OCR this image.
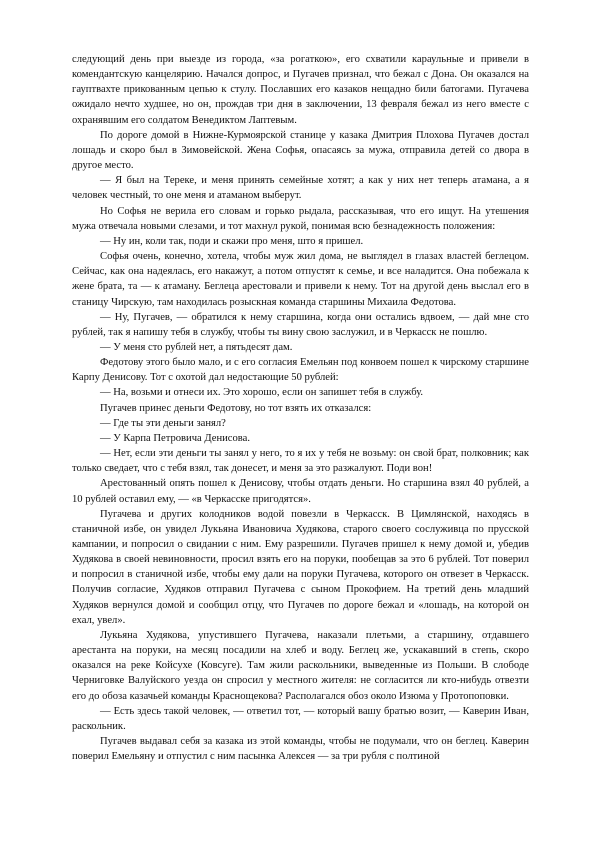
следующий день при выезде из города, «за рогаткою», его схватили караульные и привели в комендантскую канцелярию. Начался допрос, и Пугачев признал, что бежал с Дона. Он оказался на гауптвахте прикованным цепью к стулу. Пославших его казаков нещадно били батогами. Пугачева ожидало нечто худшее, но он, прождав три дня в заключении, 13 февраля бежал из него вместе с охранявшим его солдатом Венедиктом Лаптевым.

По дороге домой в Нижне-Курмоярской станице у казака Дмитрия Плохова Пугачев достал лошадь и скоро был в Зимовейской. Жена Софья, опасаясь за мужа, отправила детей со двора в другое место.

— Я был на Тереке, и меня принять семейные хотят; а как у них нет теперь атамана, а я человек честный, то оне меня и атаманом выберут.

Но Софья не верила его словам и горько рыдала, рассказывая, что его ищут. На утешения мужа отвечала новыми слезами, и тот махнул рукой, понимая всю безнадежность положения:

— Ну ин, коли так, поди и скажи про меня, што я пришел.

Софья очень, конечно, хотела, чтобы муж жил дома, не выглядел в глазах властей беглецом. Сейчас, как она надеялась, его накажут, а потом отпустят к семье, и все наладится. Она побежала к жене брата, та — к атаману. Беглеца арестовали и привели к нему. Тот на другой день выслал его в станицу Чирскую, там находилась розыскная команда старшины Михаила Федотова.

— Ну, Пугачев, — обратился к нему старшина, когда они остались вдвоем, — дай мне сто рублей, так я напишу тебя в службу, чтобы ты вину свою заслужил, и в Черкасск не пошлю.

— У меня сто рублей нет, а пятьдесят дам.

Федотову этого было мало, и с его согласия Емельян под конвоем пошел к чирскому старшине Карпу Денисову. Тот с охотой дал недостающие 50 рублей:

— На, возьми и отнеси их. Это хорошо, если он запишет тебя в службу.

Пугачев принес деньги Федотову, но тот взять их отказался:

— Где ты эти деньги занял?

— У Карпа Петровича Денисова.

— Нет, если эти деньги ты занял у него, то я их у тебя не возьму: он свой брат, полковник; как только сведает, что с тебя взял, так донесет, и меня за это разжалуют. Поди вон!

Арестованный опять пошел к Денисову, чтобы отдать деньги. Но старшина взял 40 рублей, а 10 рублей оставил ему, — «в Черкасске пригодятся».

Пугачева и других колодников водой повезли в Черкасск. В Цимлянской, находясь в станичной избе, он увидел Лукьяна Ивановича Худякова, старого своего сослуживца по прусской кампании, и попросил о свидании с ним. Ему разрешили. Пугачев пришел к нему домой и, убедив Худякова в своей невиновности, просил взять его на поруки, пообещав за это 6 рублей. Тот поверил и попросил в станичной избе, чтобы ему дали на поруки Пугачева, которого он отвезет в Черкасск. Получив согласие, Худяков отправил Пугачева с сыном Прокофием. На третий день младший Худяков вернулся домой и сообщил отцу, что Пугачев по дороге бежал и «лошадь, на которой он ехал, увел».

Лукьяна Худякова, упустившего Пугачева, наказали плетьми, а старшину, отдавшего арестанта на поруки, на месяц посадили на хлеб и воду. Беглец же, ускакавший в степь, скоро оказался на реке Койсухе (Ковсуге). Там жили раскольники, выведенные из Польши. В слободе Черниговке Валуйского уезда он спросил у местного жителя: не согласится ли кто-нибудь отвезти его до обоза казачьей команды Краснощекова? Располагался обоз около Изюма у Протопоповки.

— Есть здесь такой человек, — ответил тот, — который вашу братью возит, — Каверин Иван, раскольник.

Пугачев выдавал себя за казака из этой команды, чтобы не подумали, что он беглец. Каверин поверил Емельяну и отпустил с ним пасынка Алексея — за три рубля с полтиной
